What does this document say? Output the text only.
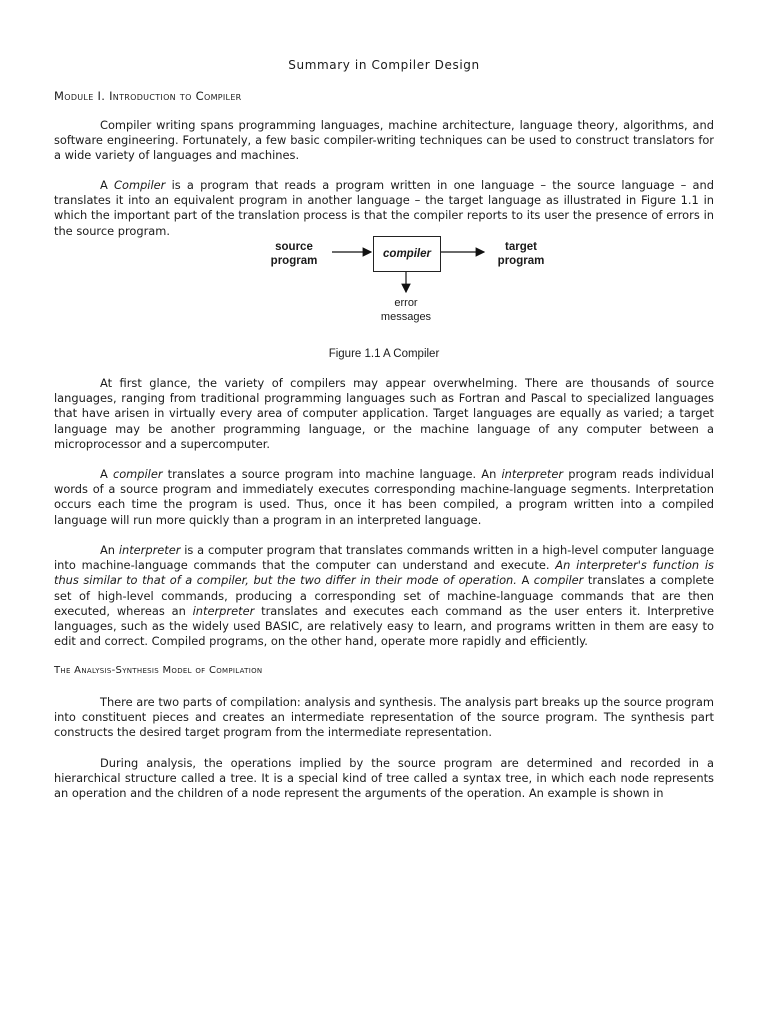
Summary in Compiler Design
Module I. Introduction to Compiler

Compiler writing spans programming languages, machine architecture, language theory, algorithms, and software engineering. Fortunately, a few basic compiler-writing techniques can be used to construct translators for a wide variety of languages and machines.

A Compiler is a program that reads a program written in one language – the source language – and translates it into an equivalent program in another language – the target language as illustrated in Figure 1.1 in which the important part of the translation process is that the compiler reports to its user the presence of errors in the source program.

source
program
compiler
target
program
error
messages
Figure 1.1 A Compiler

At first glance, the variety of compilers may appear overwhelming. There are thousands of source languages, ranging from traditional programming languages such as Fortran and Pascal to specialized languages that have arisen in virtually every area of computer application. Target languages are equally as varied; a target language may be another programming language, or the machine language of any computer between a microprocessor and a supercomputer.

A compiler translates a source program into machine language. An interpreter program reads individual words of a source program and immediately executes corresponding machine-language segments. Interpretation occurs each time the program is used. Thus, once it has been compiled, a program written into a compiled language will run more quickly than a program in an interpreted language.

An interpreter is a computer program that translates commands written in a high-level computer language into machine-language commands that the computer can understand and execute. An interpreter's function is thus similar to that of a compiler, but the two differ in their mode of operation. A compiler translates a complete set of high-level commands, producing a corresponding set of machine-language commands that are then executed, whereas an interpreter translates and executes each command as the user enters it. Interpretive languages, such as the widely used BASIC, are relatively easy to learn, and programs written in them are easy to edit and correct. Compiled programs, on the other hand, operate more rapidly and efficiently.

The Analysis-Synthesis Model of Compilation

There are two parts of compilation: analysis and synthesis. The analysis part breaks up the source program into constituent pieces and creates an intermediate representation of the source program. The synthesis part constructs the desired target program from the intermediate representation.

During analysis, the operations implied by the source program are determined and recorded in a hierarchical structure called a tree. It is a special kind of tree called a syntax tree, in which each node represents an operation and the children of a node represent the arguments of the operation. An example is shown in
